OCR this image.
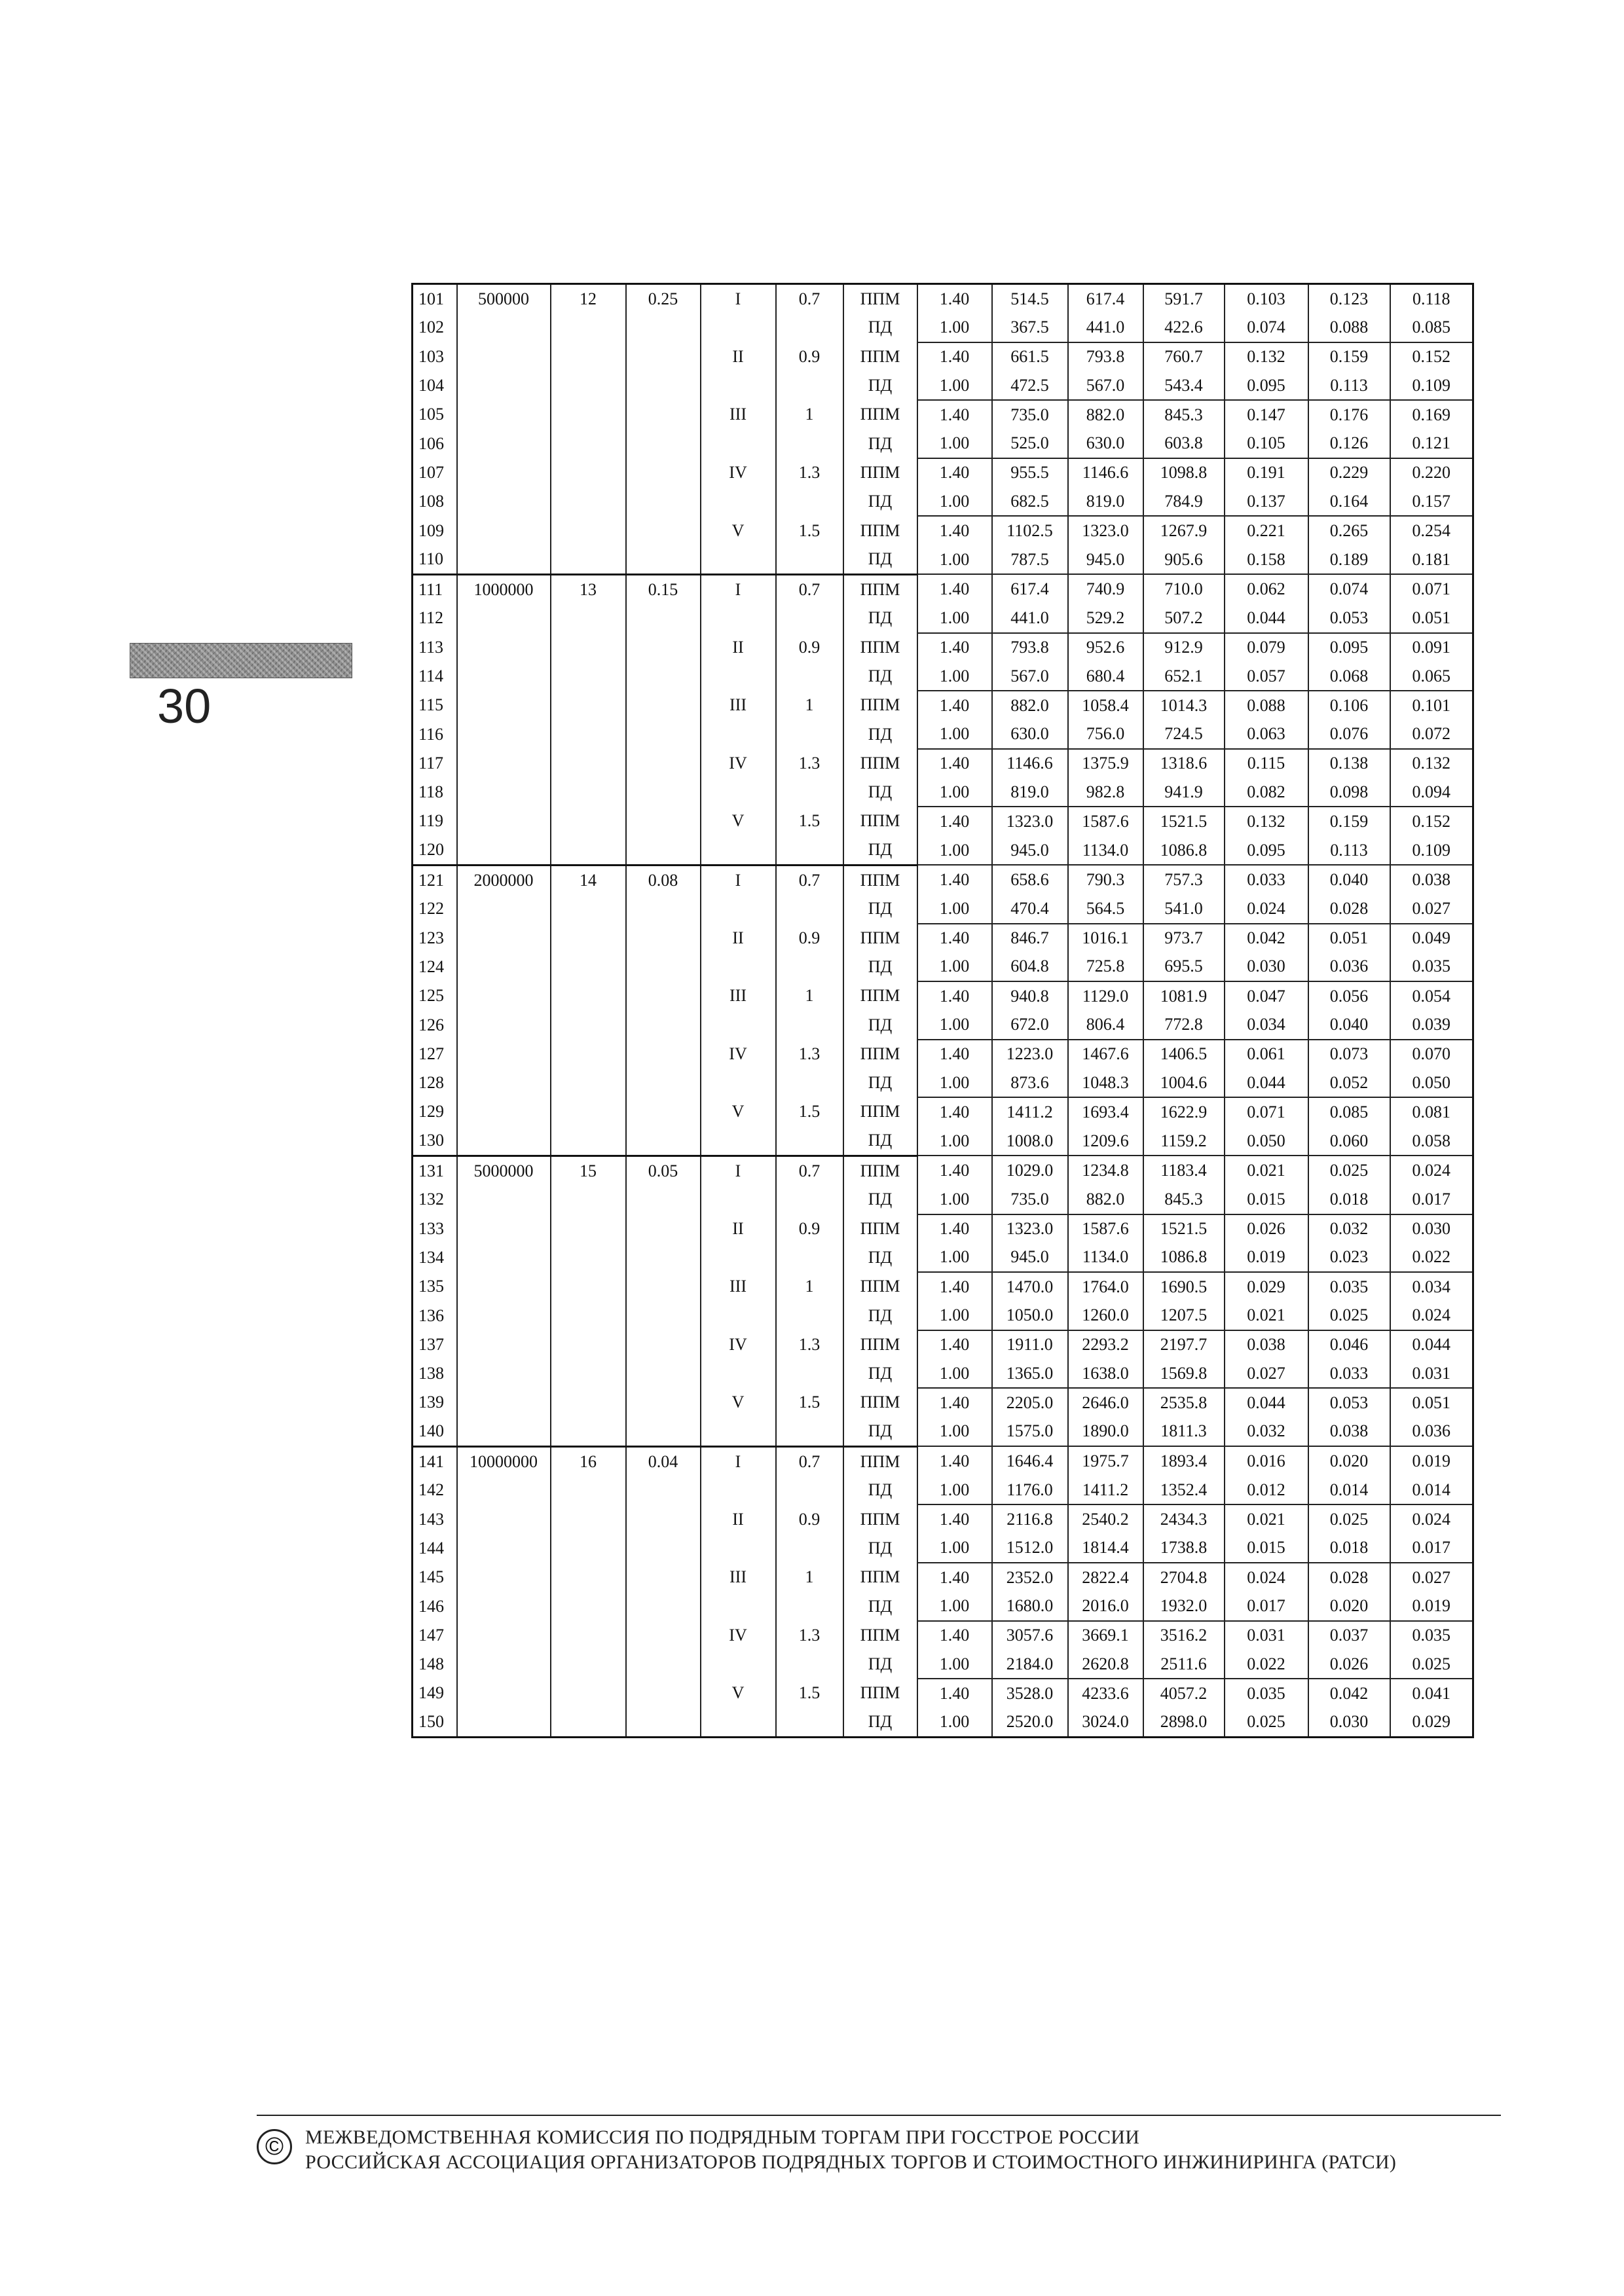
30
101	500000	12	0.25	I	0.7	ППМ	1.40	514.5	617.4	591.7	0.103	0.123	0.118
102						ПД	1.00	367.5	441.0	422.6	0.074	0.088	0.085
103				II	0.9	ППМ	1.40	661.5	793.8	760.7	0.132	0.159	0.152
104						ПД	1.00	472.5	567.0	543.4	0.095	0.113	0.109
105				III	1	ППМ	1.40	735.0	882.0	845.3	0.147	0.176	0.169
106						ПД	1.00	525.0	630.0	603.8	0.105	0.126	0.121
107				IV	1.3	ППМ	1.40	955.5	1146.6	1098.8	0.191	0.229	0.220
108						ПД	1.00	682.5	819.0	784.9	0.137	0.164	0.157
109				V	1.5	ППМ	1.40	1102.5	1323.0	1267.9	0.221	0.265	0.254
110						ПД	1.00	787.5	945.0	905.6	0.158	0.189	0.181
111	1000000	13	0.15	I	0.7	ППМ	1.40	617.4	740.9	710.0	0.062	0.074	0.071
112						ПД	1.00	441.0	529.2	507.2	0.044	0.053	0.051
113				II	0.9	ППМ	1.40	793.8	952.6	912.9	0.079	0.095	0.091
114						ПД	1.00	567.0	680.4	652.1	0.057	0.068	0.065
115				III	1	ППМ	1.40	882.0	1058.4	1014.3	0.088	0.106	0.101
116						ПД	1.00	630.0	756.0	724.5	0.063	0.076	0.072
117				IV	1.3	ППМ	1.40	1146.6	1375.9	1318.6	0.115	0.138	0.132
118						ПД	1.00	819.0	982.8	941.9	0.082	0.098	0.094
119				V	1.5	ППМ	1.40	1323.0	1587.6	1521.5	0.132	0.159	0.152
120						ПД	1.00	945.0	1134.0	1086.8	0.095	0.113	0.109
121	2000000	14	0.08	I	0.7	ППМ	1.40	658.6	790.3	757.3	0.033	0.040	0.038
122						ПД	1.00	470.4	564.5	541.0	0.024	0.028	0.027
123				II	0.9	ППМ	1.40	846.7	1016.1	973.7	0.042	0.051	0.049
124						ПД	1.00	604.8	725.8	695.5	0.030	0.036	0.035
125				III	1	ППМ	1.40	940.8	1129.0	1081.9	0.047	0.056	0.054
126						ПД	1.00	672.0	806.4	772.8	0.034	0.040	0.039
127				IV	1.3	ППМ	1.40	1223.0	1467.6	1406.5	0.061	0.073	0.070
128						ПД	1.00	873.6	1048.3	1004.6	0.044	0.052	0.050
129				V	1.5	ППМ	1.40	1411.2	1693.4	1622.9	0.071	0.085	0.081
130						ПД	1.00	1008.0	1209.6	1159.2	0.050	0.060	0.058
131	5000000	15	0.05	I	0.7	ППМ	1.40	1029.0	1234.8	1183.4	0.021	0.025	0.024
132						ПД	1.00	735.0	882.0	845.3	0.015	0.018	0.017
133				II	0.9	ППМ	1.40	1323.0	1587.6	1521.5	0.026	0.032	0.030
134						ПД	1.00	945.0	1134.0	1086.8	0.019	0.023	0.022
135				III	1	ППМ	1.40	1470.0	1764.0	1690.5	0.029	0.035	0.034
136						ПД	1.00	1050.0	1260.0	1207.5	0.021	0.025	0.024
137				IV	1.3	ППМ	1.40	1911.0	2293.2	2197.7	0.038	0.046	0.044
138						ПД	1.00	1365.0	1638.0	1569.8	0.027	0.033	0.031
139				V	1.5	ППМ	1.40	2205.0	2646.0	2535.8	0.044	0.053	0.051
140						ПД	1.00	1575.0	1890.0	1811.3	0.032	0.038	0.036
141	10000000	16	0.04	I	0.7	ППМ	1.40	1646.4	1975.7	1893.4	0.016	0.020	0.019
142						ПД	1.00	1176.0	1411.2	1352.4	0.012	0.014	0.014
143				II	0.9	ППМ	1.40	2116.8	2540.2	2434.3	0.021	0.025	0.024
144						ПД	1.00	1512.0	1814.4	1738.8	0.015	0.018	0.017
145				III	1	ППМ	1.40	2352.0	2822.4	2704.8	0.024	0.028	0.027
146						ПД	1.00	1680.0	2016.0	1932.0	0.017	0.020	0.019
147				IV	1.3	ППМ	1.40	3057.6	3669.1	3516.2	0.031	0.037	0.035
148						ПД	1.00	2184.0	2620.8	2511.6	0.022	0.026	0.025
149				V	1.5	ППМ	1.40	3528.0	4233.6	4057.2	0.035	0.042	0.041
150						ПД	1.00	2520.0	3024.0	2898.0	0.025	0.030	0.029
©	МЕЖВЕДОМСТВЕННАЯ КОМИССИЯ ПО ПОДРЯДНЫМ ТОРГАМ ПРИ ГОССТРОЕ РОССИИ
РОССИЙСКАЯ АССОЦИАЦИЯ ОРГАНИЗАТОРОВ ПОДРЯДНЫХ ТОРГОВ И СТОИМОСТНОГО ИНЖИНИРИНГА (РАТСИ)
